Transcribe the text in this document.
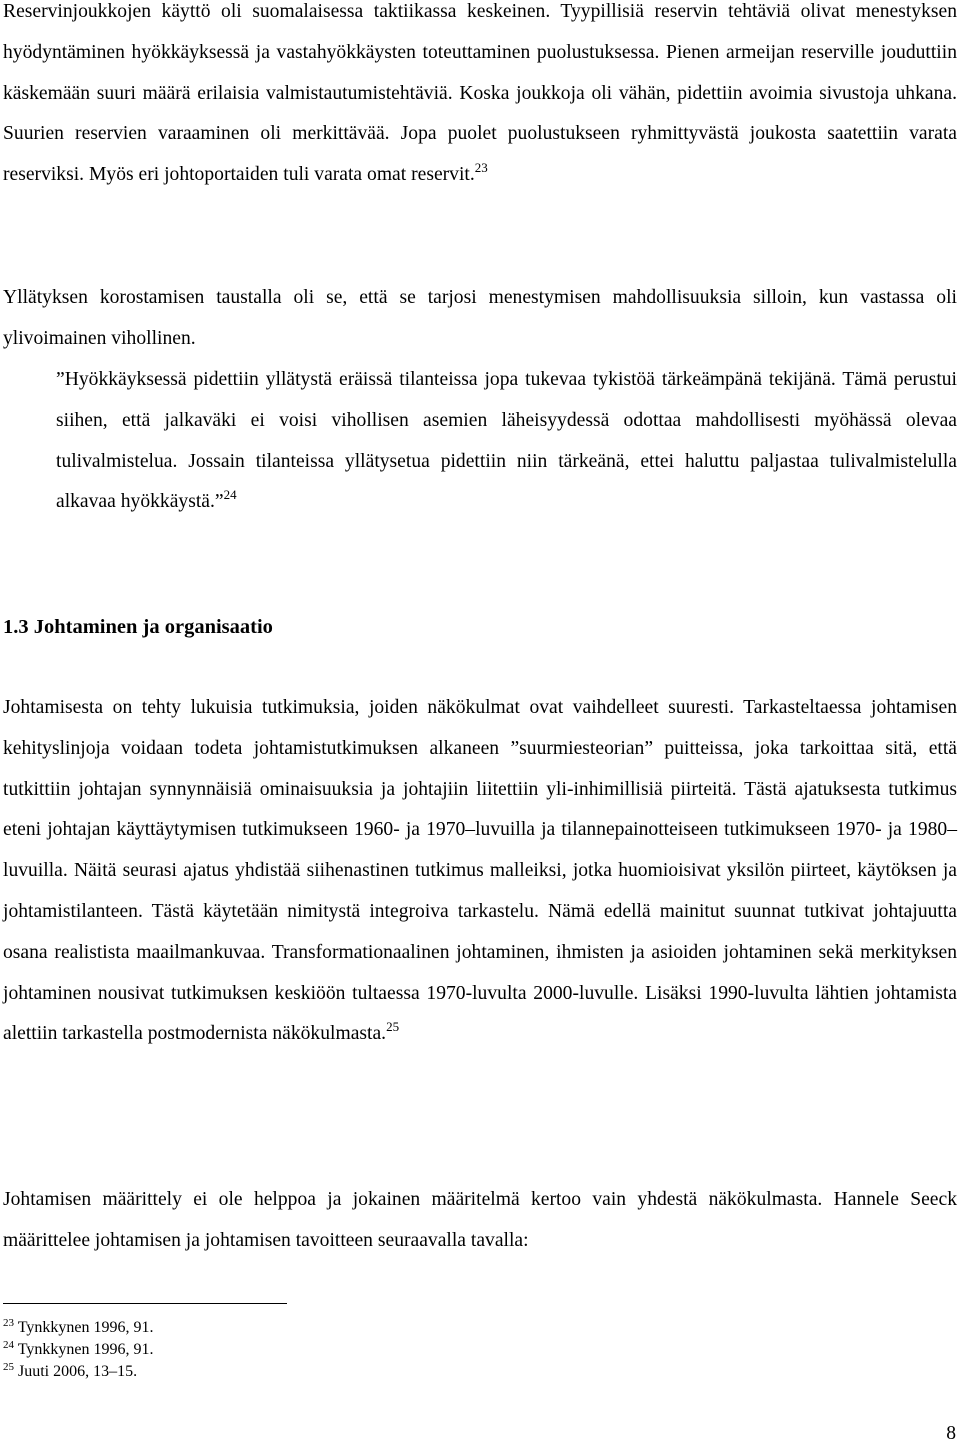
Reservinjoukkojen käyttö oli suomalaisessa taktiikassa keskeinen. Tyypillisiä reservin tehtäviä olivat menestyksen hyödyntäminen hyökkäyksessä ja vastahyökkäysten toteuttaminen puolustuksessa. Pienen armeijan reserville jouduttiin käskemään suuri määrä erilaisia valmistautumistehtäviä. Koska joukkoja oli vähän, pidettiin avoimia sivustoja uhkana. Suurien reservien varaaminen oli merkittävää. Jopa puolet puolustukseen ryhmittyvästä joukosta saatettiin varata reserviksi. Myös eri johtoportaiden tuli varata omat reservit.$^{23}$

Yllätyksen korostamisen taustalla oli se, että se tarjosi menestymisen mahdollisuuksia silloin, kun vastassa oli ylivoimainen vihollinen.

”Hyökkäyksessä pidettiin yllätystä eräissä tilanteissa jopa tukevaa tykistöä tärkeämpänä tekijänä. Tämä perustui siihen, että jalkaväki ei voisi vihollisen asemien läheisyydessä odottaa mahdollisesti myöhässä olevaa tulivalmistelua. Jossain tilanteissa yllätysetua pidettiin niin tärkeänä, ettei haluttu paljastaa tulivalmistelulla alkavaa hyökkäystä.”$^{24}$

1.3 Johtaminen ja organisaatio

Johtamisesta on tehty lukuisia tutkimuksia, joiden näkökulmat ovat vaihdelleet suuresti. Tarkasteltaessa johtamisen kehityslinjoja voidaan todeta johtamistutkimuksen alkaneen ”suurmiesteorian” puitteissa, joka tarkoittaa sitä, että tutkittiin johtajan synnynnäisiä ominaisuuksia ja johtajiin liitettiin yli-inhimillisiä piirteitä. Tästä ajatuksesta tutkimus eteni johtajan käyttäytymisen tutkimukseen 1960- ja 1970–luvuilla ja tilannepainotteiseen tutkimukseen 1970- ja 1980–luvuilla. Näitä seurasi ajatus yhdistää siihenastinen tutkimus malleiksi, jotka huomioisivat yksilön piirteet, käytöksen ja johtamistilanteen. Tästä käytetään nimitystä integroiva tarkastelu. Nämä edellä mainitut suunnat tutkivat johtajuutta osana realistista maailmankuvaa. Transformationaalinen johtaminen, ihmisten ja asioiden johtaminen sekä merkityksen johtaminen nousivat tutkimuksen keskiöön tultaessa 1970-luvulta 2000-luvulle. Lisäksi 1990-luvulta lähtien johtamista alettiin tarkastella postmodernista näkökulmasta.$^{25}$

Johtamisen määrittely ei ole helppoa ja jokainen määritelmä kertoo vain yhdestä näkökulmasta. Hannele Seeck määrittelee johtamisen ja johtamisen tavoitteen seuraavalla tavalla:

$^{23}$ Tynkkynen 1996, 91.

$^{24}$ Tynkkynen 1996, 91.

$^{25}$ Juuti 2006, 13–15.

8
